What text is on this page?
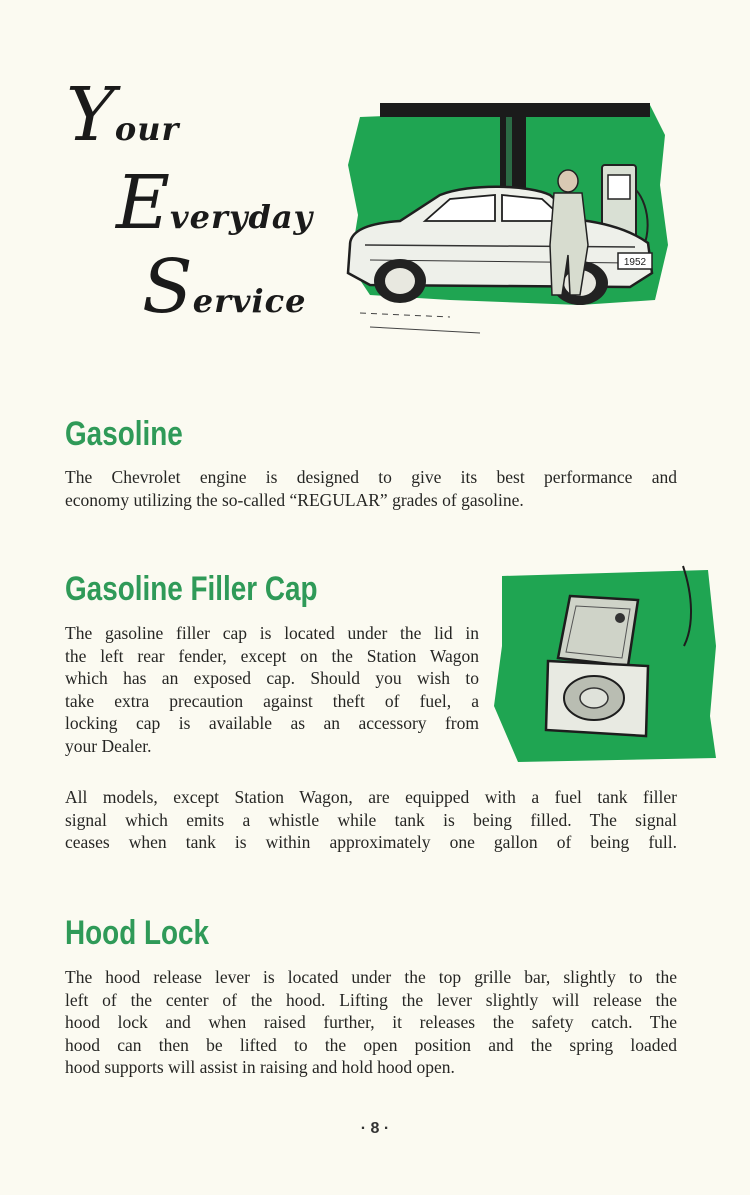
Your
Everyday
Service
1952
Gasoline

The Chevrolet engine is designed to give its best performance and

economy utilizing the so-called “REGULAR” grades of gasoline.

Gasoline Filler Cap

The gasoline filler cap is located under the lid in

the left rear fender, except on the Station Wagon

which has an exposed cap. Should you wish to

take extra precaution against theft of fuel, a

locking cap is available as an accessory from

your Dealer.

All models, except Station Wagon, are equipped with a fuel tank filler

signal which emits a whistle while tank is being filled. The signal

ceases when tank is within approximately one gallon of being full.

Hood Lock

The hood release lever is located under the top grille bar, slightly to the

left of the center of the hood. Lifting the lever slightly will release the

hood lock and when raised further, it releases the safety catch. The

hood can then be lifted to the open position and the spring loaded

hood supports will assist in raising and hold hood open.

· 8 ·
